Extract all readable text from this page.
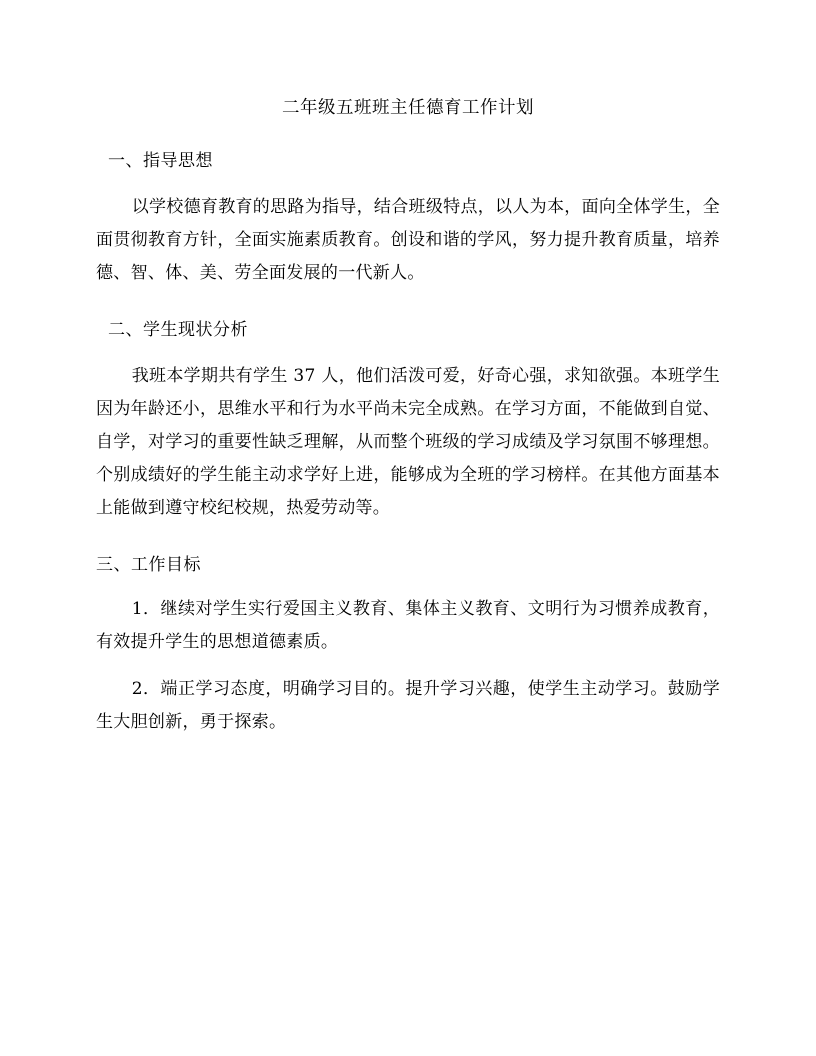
二年级五班班主任德育工作计划
一、指导思想

以学校德育教育的思路为指导，结合班级特点，以人为本，面向全体学生，全面贯彻教育方针，全面实施素质教育。创设和谐的学风，努力提升教育质量，培养德、智、体、美、劳全面发展的一代新人。

二、学生现状分析

我班本学期共有学生 37 人，他们活泼可爱，好奇心强，求知欲强。本班学生因为年龄还小，思维水平和行为水平尚未完全成熟。在学习方面，不能做到自觉、自学，对学习的重要性缺乏理解，从而整个班级的学习成绩及学习氛围不够理想。个别成绩好的学生能主动求学好上进，能够成为全班的学习榜样。在其他方面基本上能做到遵守校纪校规，热爱劳动等。

三、工作目标

1．继续对学生实行爱国主义教育、集体主义教育、文明行为习惯养成教育，有效提升学生的思想道德素质。

2．端正学习态度，明确学习目的。提升学习兴趣，使学生主动学习。鼓励学生大胆创新，勇于探索。
